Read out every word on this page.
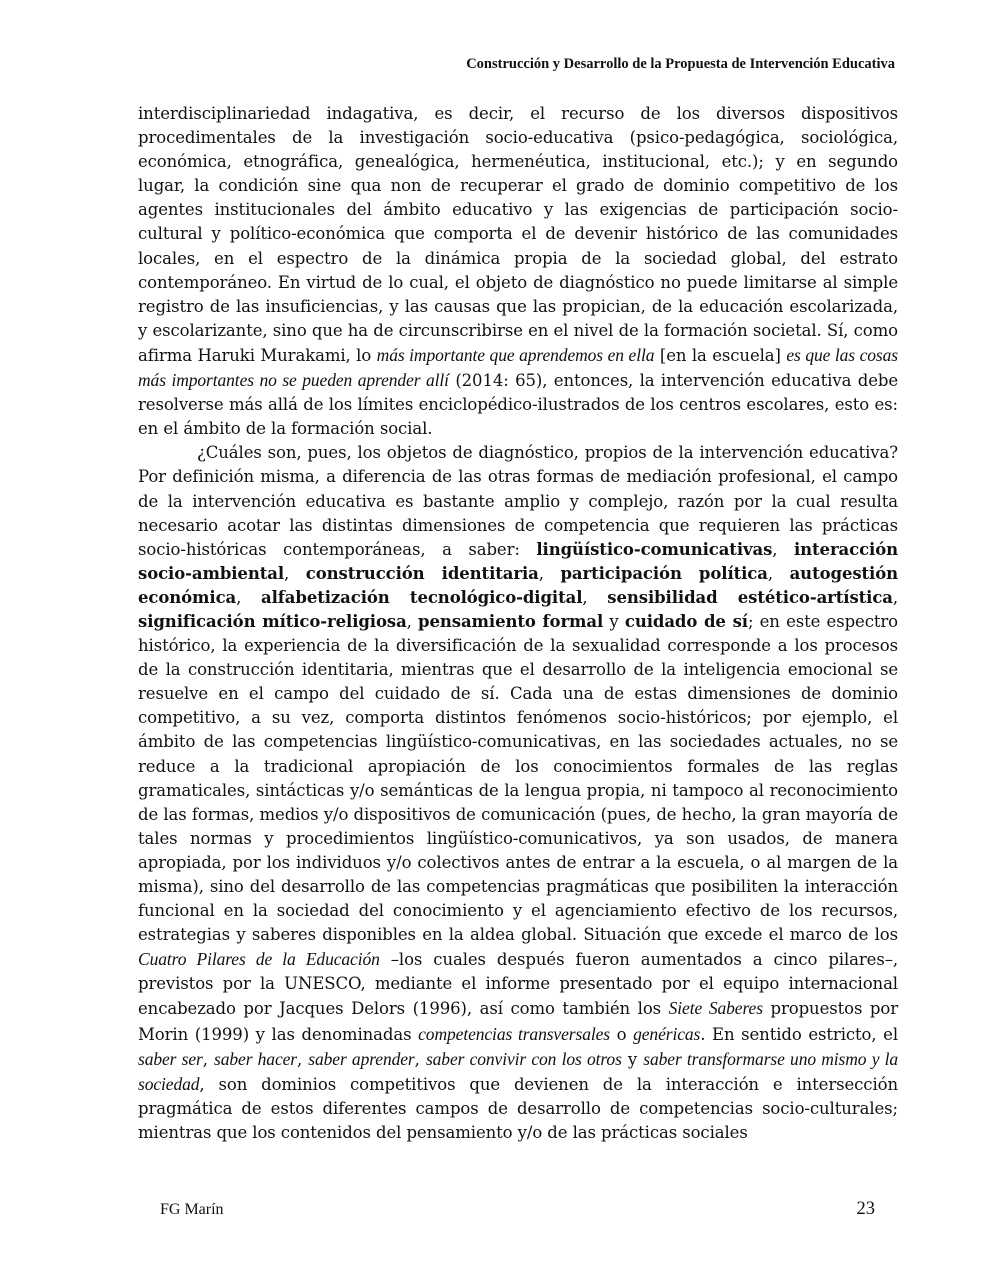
Construcción y Desarrollo de la Propuesta de Intervención Educativa

interdisciplinariedad indagativa, es decir, el recurso de los diversos dispositivos procedimentales de la investigación socio-educativa (psico-pedagógica, sociológica, económica, etnográfica, genealógica, hermenéutica, institucional, etc.); y en segundo lugar, la condición sine qua non de recuperar el grado de dominio competitivo de los agentes institucionales del ámbito educativo y las exigencias de participación socio-cultural y político-económica que comporta el de devenir histórico de las comunidades locales, en el espectro de la dinámica propia de la sociedad global, del estrato contemporáneo. En virtud de lo cual, el objeto de diagnóstico no puede limitarse al simple registro de las insuficiencias, y las causas que las propician, de la educación escolarizada, y escolarizante, sino que ha de circunscribirse en el nivel de la formación societal. Sí, como afirma Haruki Murakami, lo más importante que aprendemos en ella [en la escuela] es que las cosas más importantes no se pueden aprender allí (2014: 65), entonces, la intervención educativa debe resolverse más allá de los límites enciclopédico-ilustrados de los centros escolares, esto es: en el ámbito de la formación social.

¿Cuáles son, pues, los objetos de diagnóstico, propios de la intervención educativa? Por definición misma, a diferencia de las otras formas de mediación profesional, el campo de la intervención educativa es bastante amplio y complejo, razón por la cual resulta necesario acotar las distintas dimensiones de competencia que requieren las prácticas socio-históricas contemporáneas, a saber: lingüístico-comunicativas, interacción socio-ambiental, construcción identitaria, participación política, autogestión económica, alfabetización tecnológico-digital, sensibilidad estético-artística, significación mítico-religiosa, pensamiento formal y cuidado de sí; en este espectro histórico, la experiencia de la diversificación de la sexualidad corresponde a los procesos de la construcción identitaria, mientras que el desarrollo de la inteligencia emocional se resuelve en el campo del cuidado de sí. Cada una de estas dimensiones de dominio competitivo, a su vez, comporta distintos fenómenos socio-históricos; por ejemplo, el ámbito de las competencias lingüístico-comunicativas, en las sociedades actuales, no se reduce a la tradicional apropiación de los conocimientos formales de las reglas gramaticales, sintácticas y/o semánticas de la lengua propia, ni tampoco al reconocimiento de las formas, medios y/o dispositivos de comunicación (pues, de hecho, la gran mayoría de tales normas y procedimientos lingüístico-comunicativos, ya son usados, de manera apropiada, por los individuos y/o colectivos antes de entrar a la escuela, o al margen de la misma), sino del desarrollo de las competencias pragmáticas que posibiliten la interacción funcional en la sociedad del conocimiento y el agenciamiento efectivo de los recursos, estrategias y saberes disponibles en la aldea global. Situación que excede el marco de los Cuatro Pilares de la Educación –los cuales después fueron aumentados a cinco pilares–, previstos por la UNESCO, mediante el informe presentado por el equipo internacional encabezado por Jacques Delors (1996), así como también los Siete Saberes propuestos por Morin (1999) y las denominadas competencias transversales o genéricas. En sentido estricto, el saber ser, saber hacer, saber aprender, saber convivir con los otros y saber transformarse uno mismo y la sociedad, son dominios competitivos que devienen de la interacción e intersección pragmática de estos diferentes campos de desarrollo de competencias socio-culturales; mientras que los contenidos del pensamiento y/o de las prácticas sociales

FG Marín	23
